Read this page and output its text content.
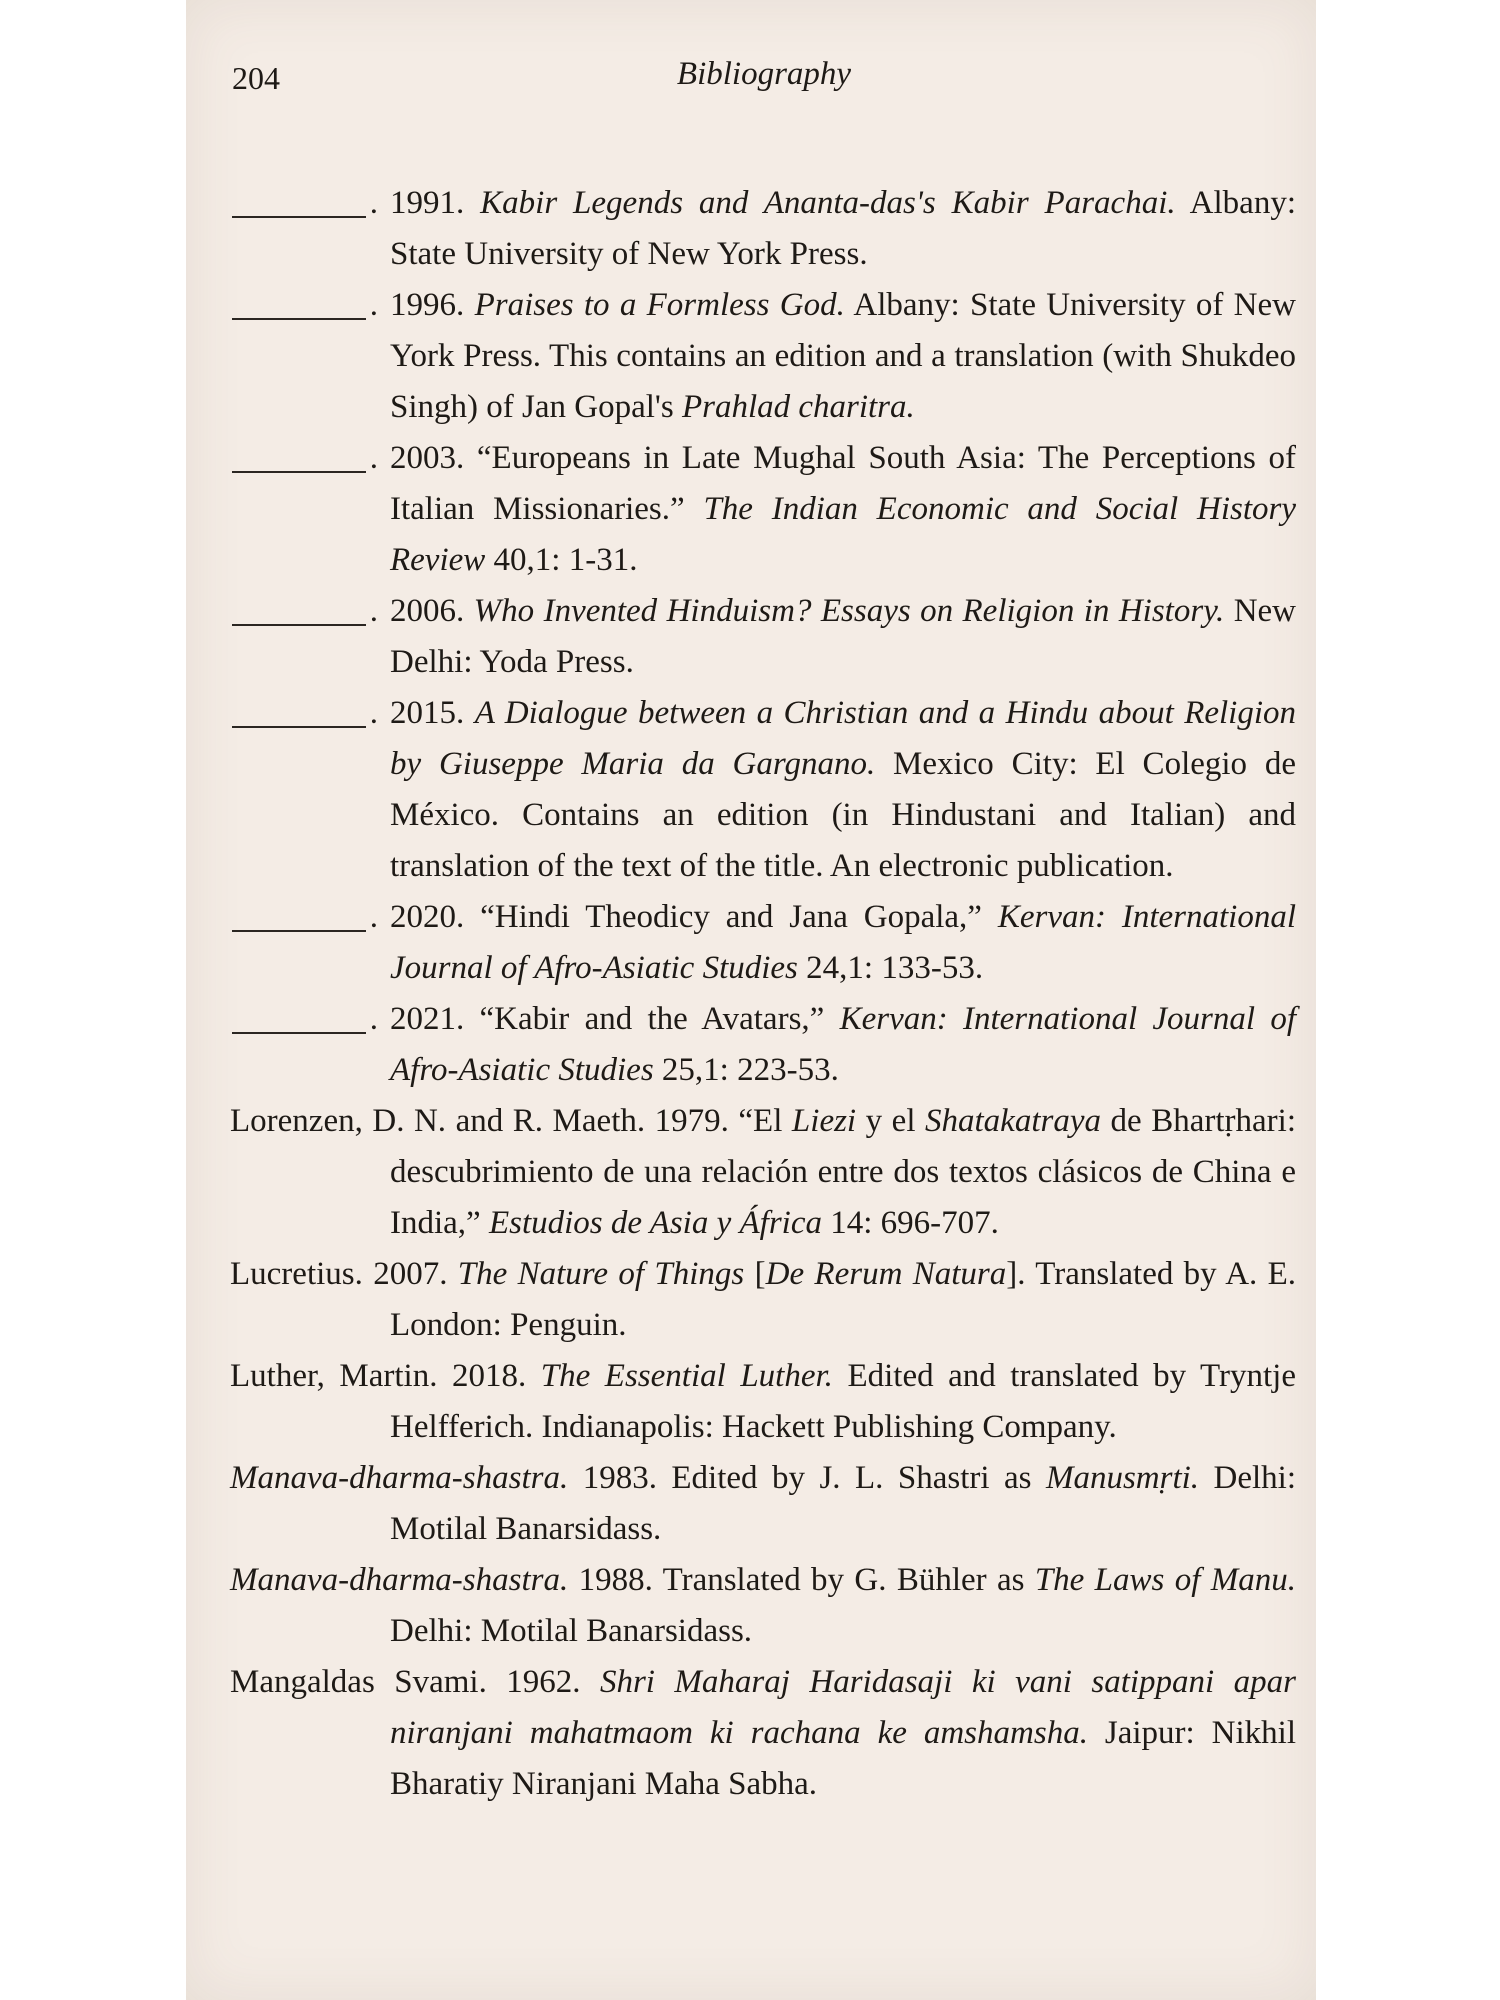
204	Bibliography
.
1991. Kabir Legends and Ananta-das's Kabir Parachai. Albany: State University of New York Press.
.
1996. Praises to a Formless God. Albany: State University of New York Press. This contains an edition and a translation (with Shukdeo Singh) of Jan Gopal's Prahlad charitra.
.
2003. “Europeans in Late Mughal South Asia: The Perceptions of Italian Missionaries.” The Indian Economic and Social History Review 40,1: 1-31.
.
2006. Who Invented Hinduism? Essays on Religion in History. New Delhi: Yoda Press.
.
2015. A Dialogue between a Christian and a Hindu about Religion by Giuseppe Maria da Gargnano. Mexico City: El Colegio de México. Contains an edition (in Hindustani and Italian) and translation of the text of the title. An electronic publication.
.
2020. “Hindi Theodicy and Jana Gopala,” Kervan: International Journal of Afro-Asiatic Studies 24,1: 133-53.
.
2021. “Kabir and the Avatars,” Kervan: International Journal of Afro-Asiatic Studies 25,1: 223-53.
Lorenzen, D. N. and R. Maeth. 1979. “El Liezi y el Shatakatraya de Bhartṛhari: descubrimiento de una relación entre dos textos clásicos de China e India,” Estudios de Asia y África 14: 696-707.
Lucretius. 2007. The Nature of Things [De Rerum Natura]. Translated by A. E. London: Penguin.
Luther, Martin. 2018. The Essential Luther. Edited and translated by Tryntje Helfferich. Indianapolis: Hackett Publishing Company.
Manava-dharma-shastra. 1983. Edited by J. L. Shastri as Manusmṛti. Delhi: Motilal Banarsidass.
Manava-dharma-shastra. 1988. Translated by G. Bühler as The Laws of Manu. Delhi: Motilal Banarsidass.
Mangaldas Svami. 1962. Shri Maharaj Haridasaji ki vani satippani apar niranjani mahatmaom ki rachana ke amshamsha. Jaipur: Nikhil Bharatiy Niranjani Maha Sabha.
